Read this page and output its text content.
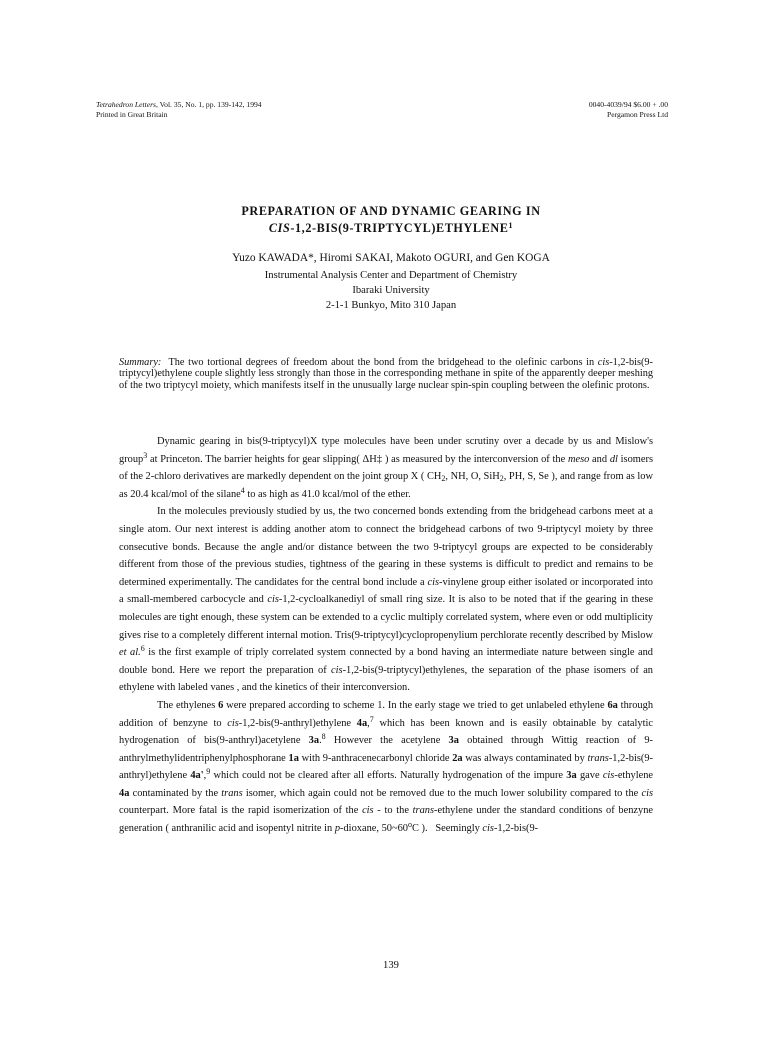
Tetrahedron Letters, Vol. 35, No. 1, pp. 139-142, 1994
Printed in Great Britain
0040-4039/94 $6.00 + .00
Pergamon Press Ltd
PREPARATION OF AND DYNAMIC GEARING IN
CIS-1,2-BIS(9-TRIPTYCYL)ETHYLENE$^1$
Yuzo KAWADA*, Hiromi SAKAI, Makoto OGURI, and Gen KOGA
Instrumental Analysis Center and Department of Chemistry
Ibaraki University
2-1-1 Bunkyo, Mito 310 Japan
Summary: The two tortional degrees of freedom about the bond from the bridgehead to the olefinic carbons in cis-1,2-bis(9-triptycyl)ethylene couple slightly less strongly than those in the corresponding methane in spite of the apparently deeper meshing of the two triptycyl moiety, which manifests itself in the unusually large nuclear spin-spin coupling between the olefinic protons.

Dynamic gearing in bis(9-triptycyl)X type molecules have been under scrutiny over a decade by us and Mislow's group$^3$ at Princeton. The barrier heights for gear slipping( ΔH‡ ) as measured by the interconversion of the meso and dl isomers of the 2-chloro derivatives are markedly dependent on the joint group X ( $CH_2$, NH, O, SiH$_2$, PH, S, Se ), and range from as low as 20.4 kcal/mol of the silane$^4$ to as high as 41.0 kcal/mol of the ether.

In the molecules previously studied by us, the two concerned bonds extending from the bridgehead carbons meet at a single atom. Our next interest is adding another atom to connect the bridgehead carbons of two 9-triptycyl moiety by three consecutive bonds. Because the angle and/or distance between the two 9-triptycyl groups are expected to be considerably different from those of the previous studies, tightness of the gearing in these systems is difficult to predict and remains to be determined experimentally. The candidates for the central bond include a cis-vinylene group either isolated or incorporated into a small-membered carbocycle and cis-1,2-cycloalkanediyl of small ring size. It is also to be noted that if the gearing in these molecules are tight enough, these system can be extended to a cyclic multiply correlated system, where even or odd multiplicity gives rise to a completely different internal motion. Tris(9-triptycyl)cyclopropenylium perchlorate recently described by Mislow et al.$^6$ is the first example of triply correlated system connected by a bond having an intermediate nature between single and double bond. Here we report the preparation of cis-1,2-bis(9-triptycyl)ethylenes, the separation of the phase isomers of an ethylene with labeled vanes , and the kinetics of their interconversion.

The ethylenes 6 were prepared according to scheme 1. In the early stage we tried to get unlabeled ethylene 6a through addition of benzyne to cis-1,2-bis(9-anthryl)ethylene 4a,$^7$ which has been known and is easily obtainable by catalytic hydrogenation of bis(9-anthryl)acetylene 3a.$^8$ However the acetylene 3a obtained through Wittig reaction of 9-anthrylmethylidentriphenylphosphorane 1a with 9-anthracenecarbonyl chloride 2a was always contaminated by trans-1,2-bis(9-anthryl)ethylene 4a',$^9$ which could not be cleared after all efforts. Naturally hydrogenation of the impure 3a gave cis-ethylene 4a contaminated by the trans isomer, which again could not be removed due to the much lower solubility compared to the cis counterpart. More fatal is the rapid isomerization of the cis - to the trans-ethylene under the standard conditions of benzyne generation ( anthranilic acid and isopentyl nitrite in p-dioxane, 50~60$^o$C ).   Seemingly cis-1,2-bis(9-

139
